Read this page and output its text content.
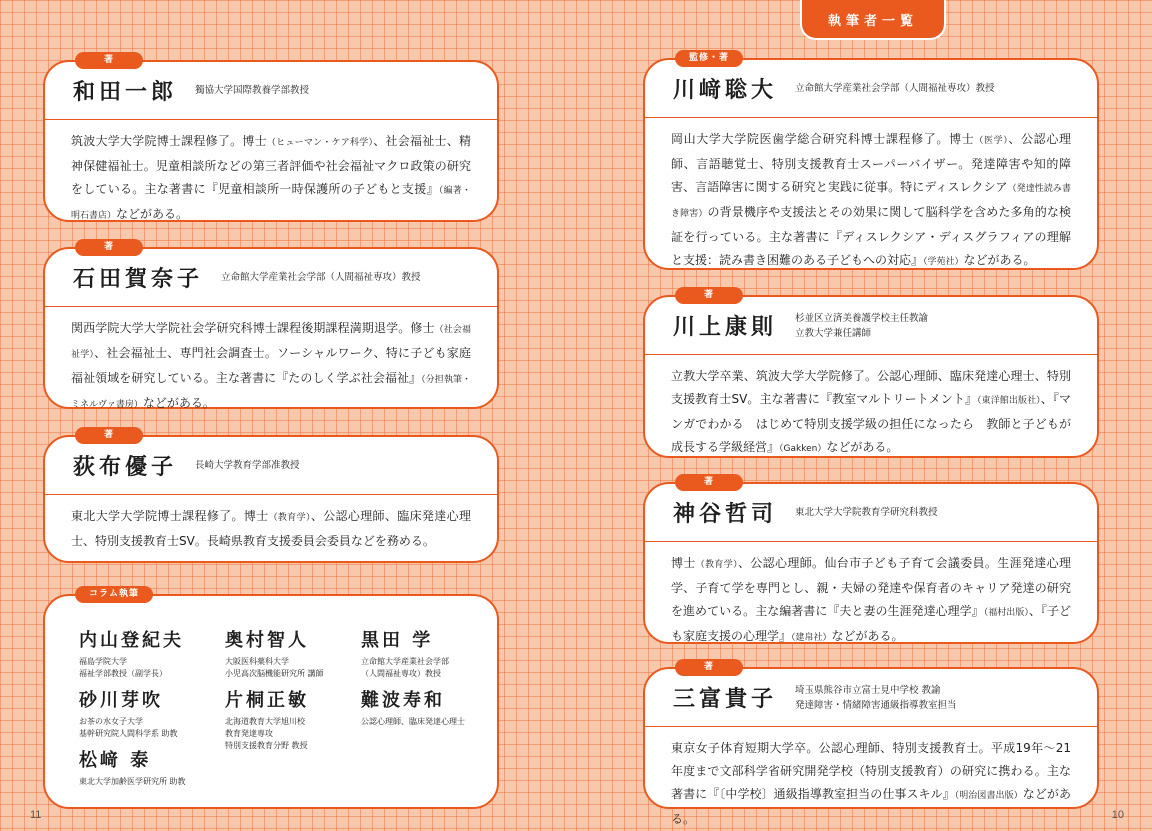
執筆者一覧
著
和田一郎 獨協大学国際教養学部教授
筑波大学大学院博士課程修了。博士（ヒューマン・ケア科学）、社会福祉士、精神保健福祉士。児童相談所などの第三者評価や社会福祉マクロ政策の研究をしている。主な著書に『児童相談所一時保護所の子どもと支援』（編著・明石書店）などがある。
著
石田賀奈子 立命館大学産業社会学部（人間福祉専攻）教授
関西学院大学大学院社会学研究科博士課程後期課程満期退学。修士（社会福祉学）、社会福祉士、専門社会調査士。ソーシャルワーク、特に子ども家庭福祉領域を研究している。主な著書に『たのしく学ぶ社会福祉』（分担執筆・ミネルヴァ書房）などがある。
著
荻布優子 長崎大学教育学部准教授
東北大学大学院博士課程修了。博士（教育学）、公認心理師、臨床発達心理士、特別支援教育士SV。長崎県教育支援委員会委員などを務める。
コラム執筆
内山登紀夫
福島学院大学
福祉学部教授（副学長）
奥村智人
大阪医科薬科大学
小児高次脳機能研究所 講師
黒田 学
立命館大学産業社会学部
（人間福祉専攻）教授
砂川芽吹
お茶の水女子大学
基幹研究院人間科学系 助教
片桐正敏
北海道教育大学旭川校
教育発達専攻
特別支援教育分野 教授
難波寿和
公認心理師、臨床発達心理士
松﨑 泰
東北大学加齢医学研究所 助教
11
監修・著
川﨑聡大 立命館大学産業社会学部（人間福祉専攻）教授
岡山大学大学院医歯学総合研究科博士課程修了。博士（医学）、公認心理師、言語聴覚士、特別支援教育士スーパーバイザー。発達障害や知的障害、言語障害に関する研究と実践に従事。特にディスレクシア（発達性読み書き障害）の背景機序や支援法とその効果に関して脳科学を含めた多角的な検証を行っている。主な著書に『ディスレクシア・ディスグラフィアの理解と支援：読み書き困難のある子どもへの対応』（学苑社）などがある。
著
川上康則 杉並区立済美養護学校主任教諭
立教大学兼任講師
立教大学卒業、筑波大学大学院修了。公認心理師、臨床発達心理士、特別支援教育士SV。主な著書に『教室マルトリートメント』（東洋館出版社）、『マンガでわかる　はじめて特別支援学級の担任になったら　教師と子どもが成長する学級経営』（Gakken）などがある。
著
神谷哲司 東北大学大学院教育学研究科教授
博士（教育学）、公認心理師。仙台市子ども子育て会議委員。生涯発達心理学、子育て学を専門とし、親・夫婦の発達や保育者のキャリア発達の研究を進めている。主な編著書に『夫と妻の生涯発達心理学』（福村出版）、『子ども家庭支援の心理学』（建帛社）などがある。
著
三富貴子 埼玉県熊谷市立富士見中学校 教諭
発達障害・情緒障害通級指導教室担当
東京女子体育短期大学卒。公認心理師、特別支援教育士。平成19年〜21年度まで文部科学省研究開発学校（特別支援教育）の研究に携わる。主な著書に『〔中学校〕通級指導教室担当の仕事スキル』（明治図書出版）などがある。	10
